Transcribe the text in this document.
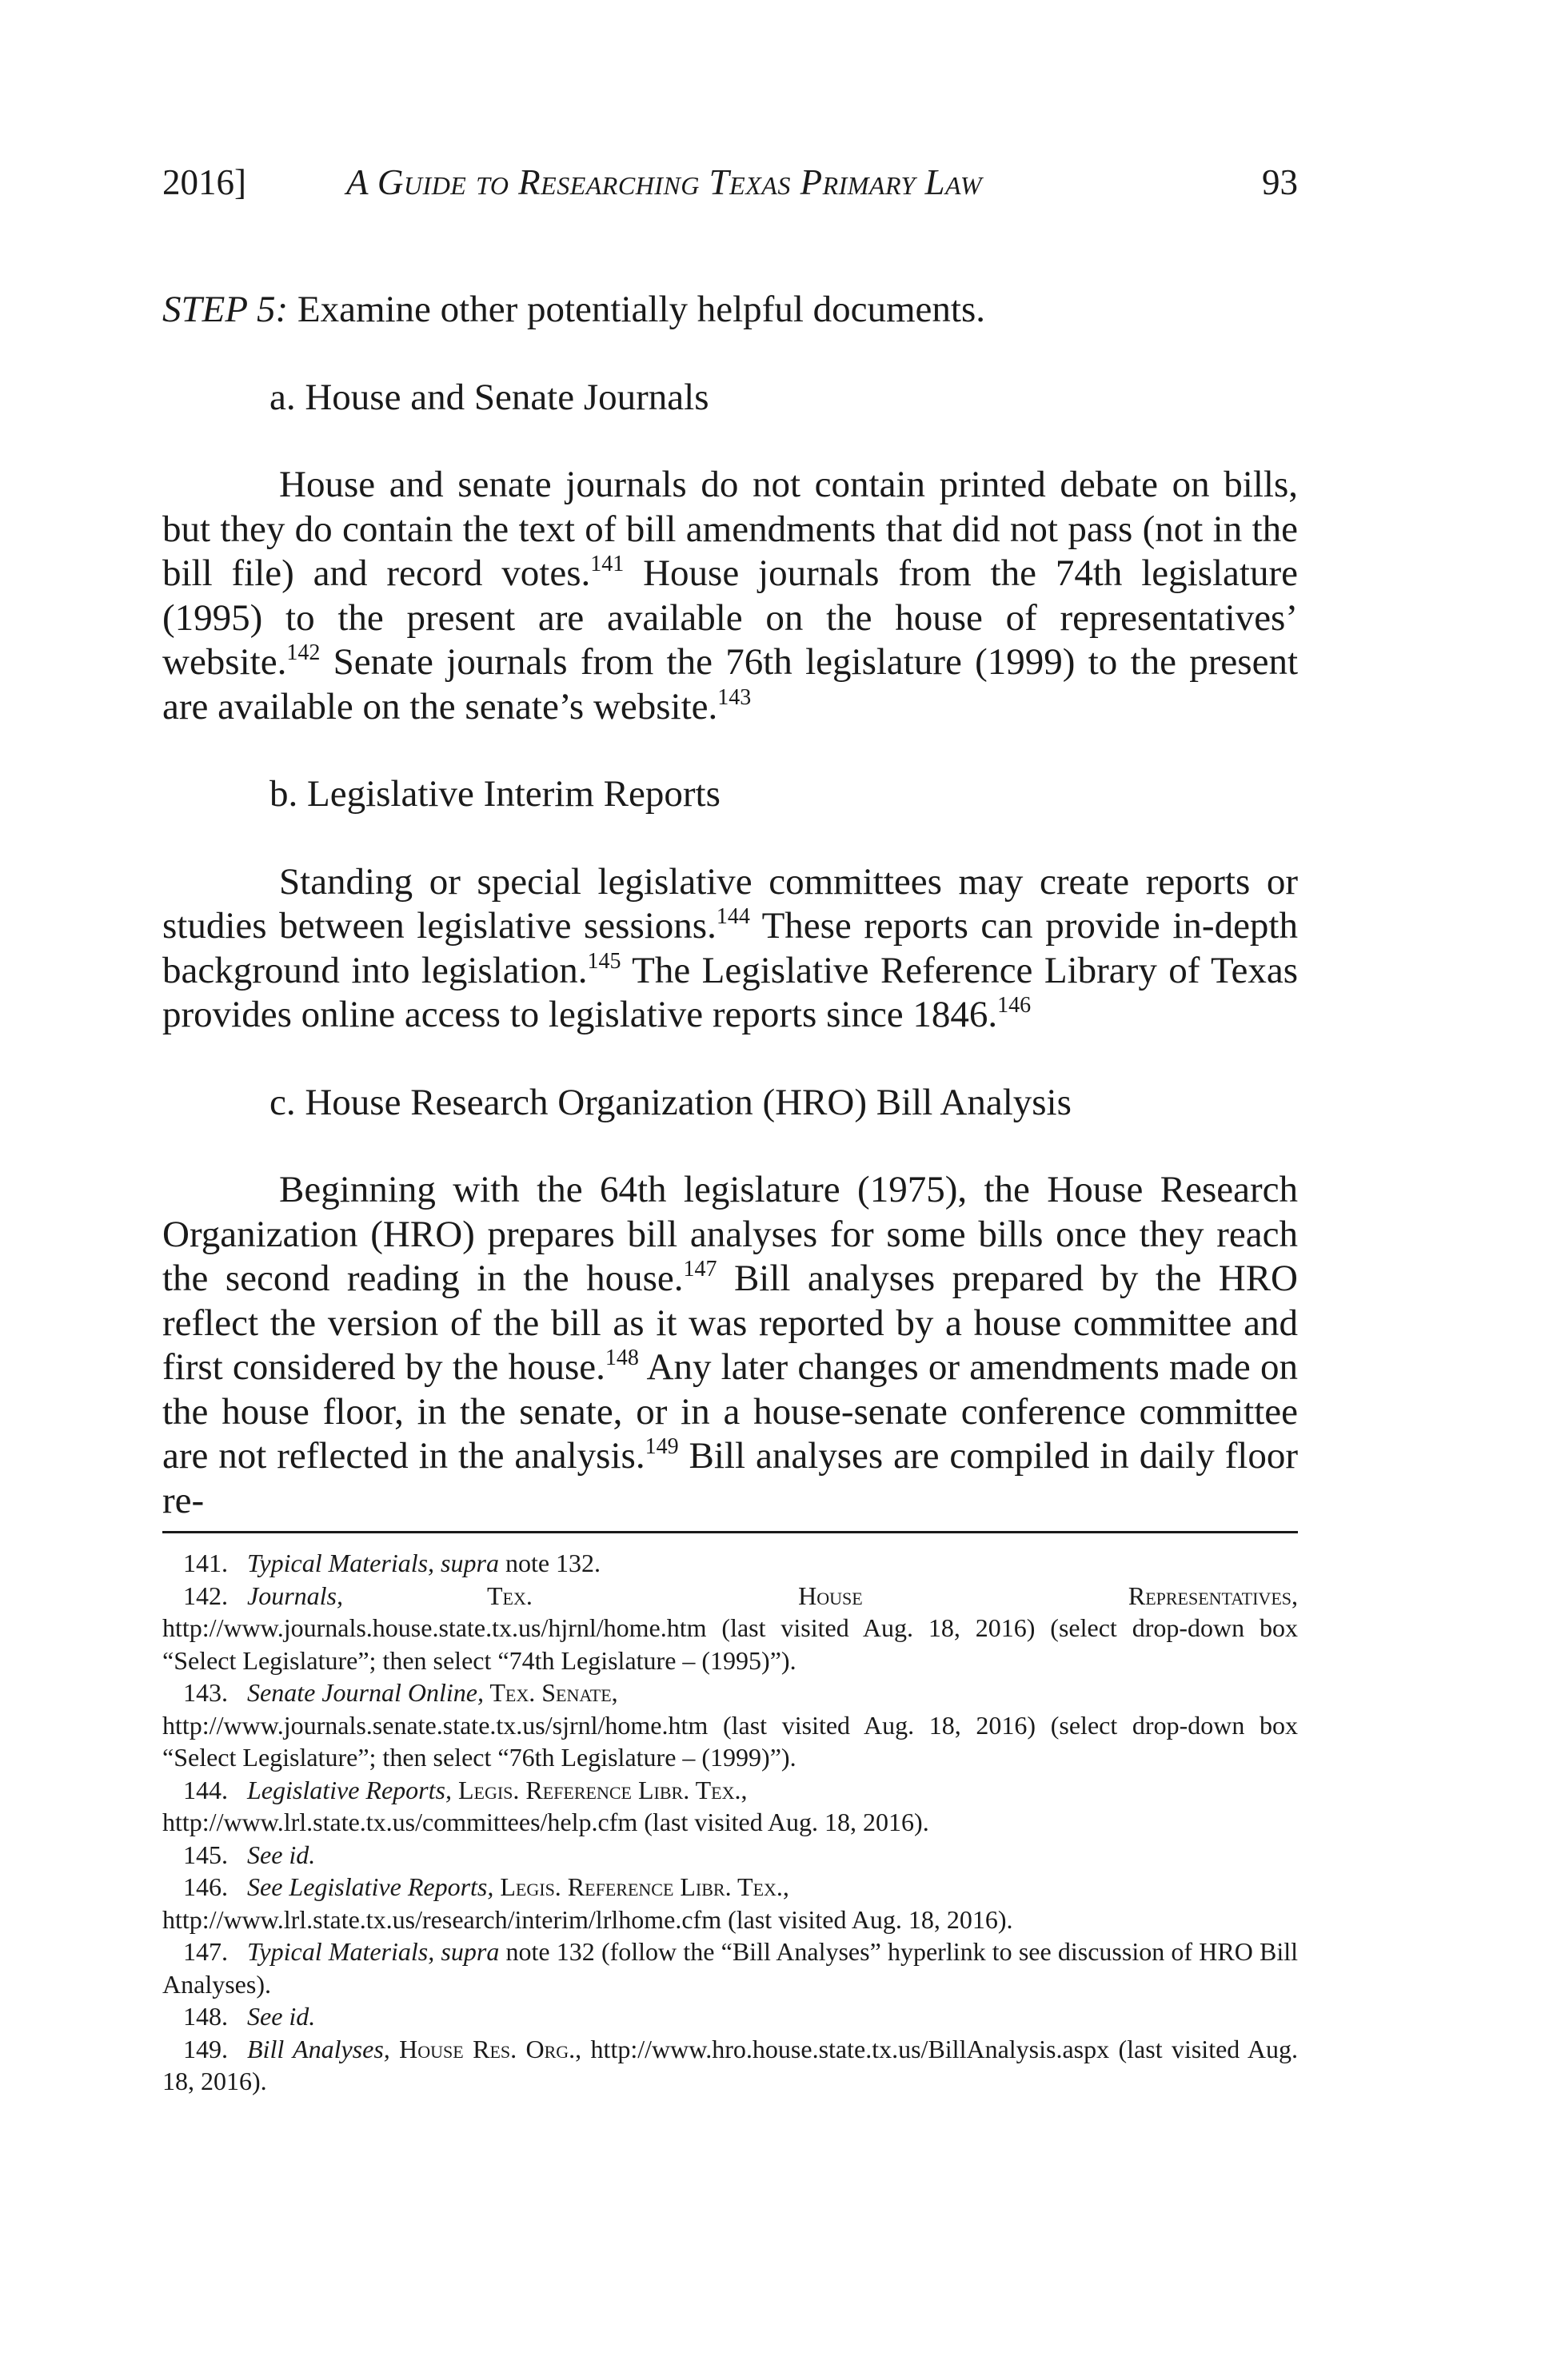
2016]	A Guide to Researching Texas Primary Law	93

STEP 5: Examine other potentially helpful documents.

a. House and Senate Journals

House and senate journals do not contain printed debate on bills, but they do contain the text of bill amendments that did not pass (not in the bill file) and record votes.$^{141}$ House journals from the 74th legislature (1995) to the present are available on the house of representatives’ website.$^{142}$ Senate journals from the 76th legislature (1999) to the present are available on the senate’s website.$^{143}$

b. Legislative Interim Reports

Standing or special legislative committees may create reports or studies between legislative sessions.$^{144}$ These reports can provide in-depth background into legislation.$^{145}$ The Legislative Reference Library of Texas provides online access to legislative reports since 1846.$^{146}$

c. House Research Organization (HRO) Bill Analysis

Beginning with the 64th legislature (1975), the House Research Organization (HRO) prepares bill analyses for some bills once they reach the second reading in the house.$^{147}$ Bill analyses prepared by the HRO reflect the version of the bill as it was reported by a house committee and first considered by the house.$^{148}$ Any later changes or amendments made on the house floor, in the senate, or in a house-senate conference committee are not reflected in the analysis.$^{149}$ Bill analyses are compiled in daily floor re-

141. Typical Materials, supra note 132.

142. Journals,	Tex.	House	Representatives,
http://www.journals.house.state.tx.us/hjrnl/home.htm (last visited Aug. 18, 2016) (select drop-down box “Select Legislature”; then select “74th Legislature – (1995)”).
143. Senate Journal Online, Tex. Senate,
http://www.journals.senate.state.tx.us/sjrnl/home.htm (last visited Aug. 18, 2016) (select drop-down box “Select Legislature”; then select “76th Legislature – (1999)”).
144. Legislative Reports, Legis. Reference Libr. Tex.,
http://www.lrl.state.tx.us/committees/help.cfm (last visited Aug. 18, 2016).

145. See id.

146. See Legislative Reports, Legis. Reference Libr. Tex.,
http://www.lrl.state.tx.us/research/interim/lrlhome.cfm (last visited Aug. 18, 2016).

147. Typical Materials, supra note 132 (follow the “Bill Analyses” hyperlink to see discussion of HRO Bill Analyses).

148. See id.

149. Bill Analyses, House Res. Org., http://www.hro.house.state.tx.us/BillAnalysis.aspx (last visited Aug. 18, 2016).
